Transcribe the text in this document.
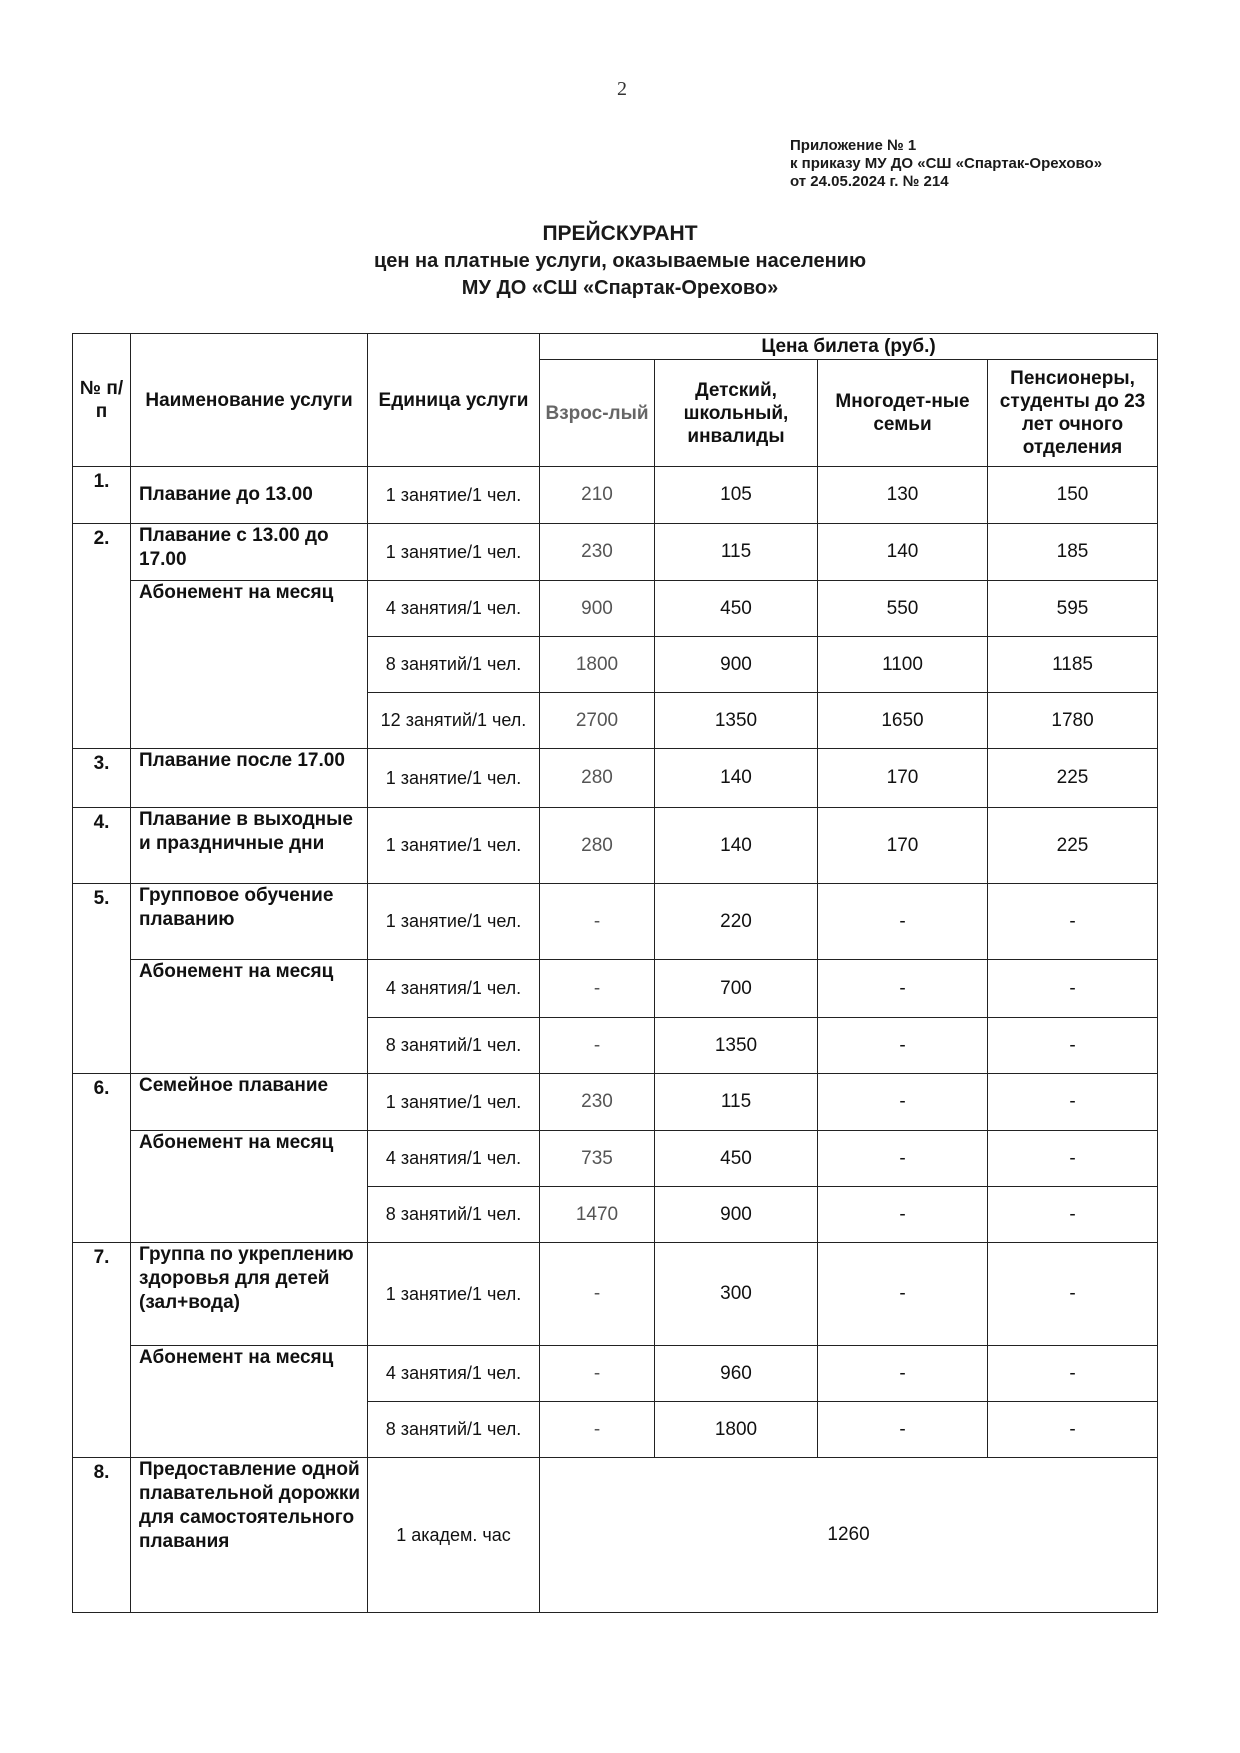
2
Приложение № 1
к приказу МУ ДО «СШ «Спартак-Орехово»
от 24.05.2024 г. № 214
ПРЕЙСКУРАНТ
цен на платные услуги, оказываемые населению
МУ ДО «СШ «Спартак-Орехово»
№ п/п	Наименование услуги	Единица услуги	Цена билета (руб.)			
			Взрос-лый	Детский, школьный, инвалиды	Многодет-ные семьи	Пенсионеры, студенты до 23 лет очного отделения
1.	Плавание до 13.00	1 занятие/1 чел.	210	105	130	150
2.	Плавание с 13.00 до 17.00	1 занятие/1 чел.	230	115	140	185
	Абонемент на месяц	4 занятия/1 чел.	900	450	550	595
		8 занятий/1 чел.	1800	900	1100	1185
		12 занятий/1 чел.	2700	1350	1650	1780
3.	Плавание после 17.00	1 занятие/1 чел.	280	140	170	225
4.	Плавание в выходные и праздничные дни	1 занятие/1 чел.	280	140	170	225
5.	Групповое обучение плаванию	1 занятие/1 чел.	-	220	-	-
	Абонемент на месяц	4 занятия/1 чел.	-	700	-	-
		8 занятий/1 чел.	-	1350	-	-
6.	Семейное плавание	1 занятие/1 чел.	230	115	-	-
	Абонемент на месяц	4 занятия/1 чел.	735	450	-	-
		8 занятий/1 чел.	1470	900	-	-
7.	Группа по укреплению здоровья для детей (зал+вода)	1 занятие/1 чел.	-	300	-	-
	Абонемент на месяц	4 занятия/1 чел.	-	960	-	-
		8 занятий/1 чел.	-	1800	-	-
8.	Предоставление одной плавательной дорожки для самостоятельного плавания	1 академ. час	1260			
